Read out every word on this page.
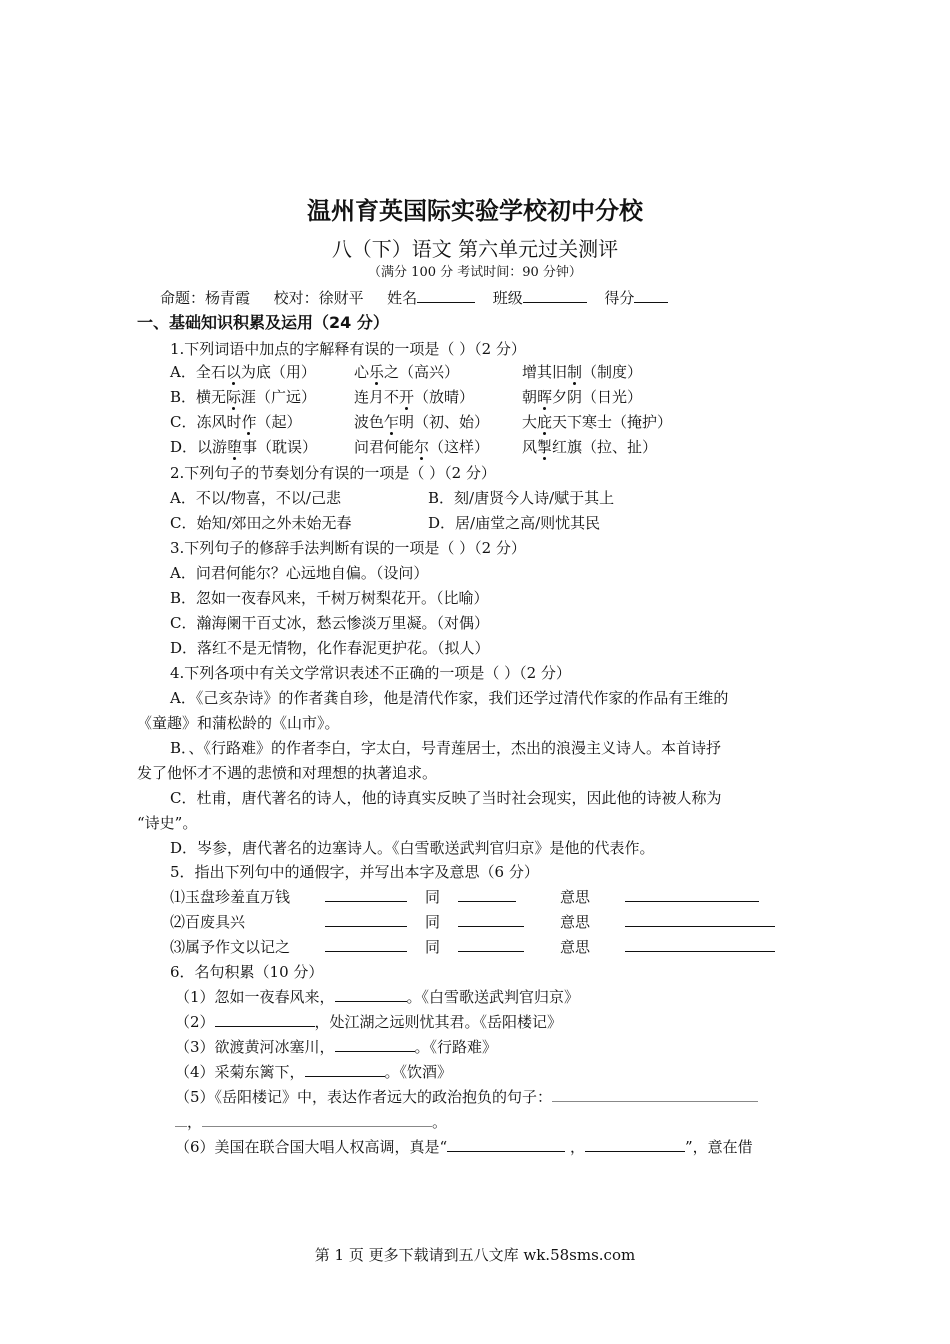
温州育英国际实验学校初中分校
八（下）语文 第六单元过关测评
（满分 100 分 考试时间：90 分钟）
命题：杨青霞 校对：徐财平 姓名	班级	得分
一、基础知识积累及运用（24 分）
1.下列词语中加点的字解释有误的一项是（ ）（2 分）
A．全石以为底（用）	心乐之（高兴）	增其旧制（制度）
B．横无际涯（广远）	连月不开（放晴）	朝晖夕阴（日光）
C．冻风时作（起）	波色乍明（初、始） 大庇天下寒士（掩护）
D．以游堕事（耽误） 问君何能尔（这样） 风掣红旗（拉、扯）
2.下列句子的节奏划分有误的一项是（ ）（2 分）
A．不以/物喜，不以/己悲	B．刻/唐贤今人诗/赋于其上
C．始知/郊田之外未始无春	D．居/庙堂之高/则忧其民
3.下列句子的修辞手法判断有误的一项是（ ）（2 分）
A．问君何能尔？心远地自偏。（设问）
B．忽如一夜春风来，千树万树梨花开。（比喻）
C．瀚海阑干百丈冰，愁云惨淡万里凝。（对偶）
D．落红不是无情物，化作春泥更护花。（拟人）
4.下列各项中有关文学常识表述不正确的一项是（ ）（2 分）
A．《己亥杂诗》的作者龚自珍，他是清代作家，我们还学过清代作家的作品有王维的
《童趣》和蒲松龄的《山市》。
B．、《行路难》的作者李白，字太白，号青莲居士，杰出的浪漫主义诗人。本首诗抒
发了他怀才不遇的悲愤和对理想的执著追求。
C．杜甫，唐代著名的诗人，他的诗真实反映了当时社会现实，因此他的诗被人称为
“诗史”。
D．岑参，唐代著名的边塞诗人。《白雪歌送武判官归京》是他的代表作。
5．指出下列句中的通假字，并写出本字及意思（6 分）
⑴玉盘珍羞直万钱	同	意思
⑵百废具兴	同	意思
⑶属予作文以记之	同	意思
6．名句积累（10 分）
（1）忽如一夜春风来，	。《白雪歌送武判官归京》
（2）	，处江湖之远则忧其君。《岳阳楼记》
（3）欲渡黄河冰塞川，	。《行路难》
（4）采菊东篱下，	。《饮酒》
（5）《岳阳楼记》中，表达作者远大的政治抱负的句子：
，	。
（6）美国在联合国大唱人权高调，真是“	，	”，意在借
第 1 页 更多下载请到五八文库 wk.58sms.com
